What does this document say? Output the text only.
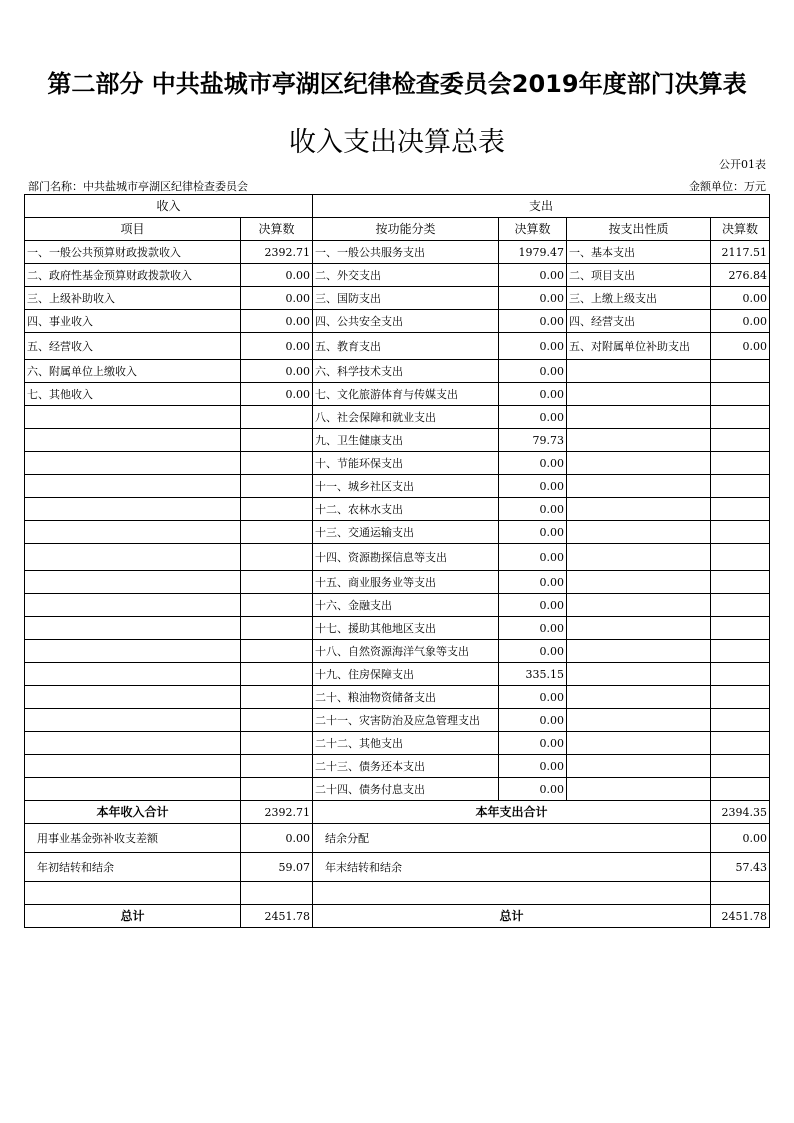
第二部分 中共盐城市亭湖区纪律检查委员会2019年度部门决算表
收入支出决算总表
公开01表
部门名称：中共盐城市亭湖区纪律检查委员会	金额单位：万元
收入		支出			
项目	决算数	按功能分类	决算数	按支出性质	决算数
一、一般公共预算财政拨款收入	2392.71	一、一般公共服务支出	1979.47	一、基本支出	2117.51
二、政府性基金预算财政拨款收入	0.00	二、外交支出	0.00	二、项目支出	276.84
三、上级补助收入	0.00	三、国防支出	0.00	三、上缴上级支出	0.00
四、事业收入	0.00	四、公共安全支出	0.00	四、经营支出	0.00
五、经营收入	0.00	五、教育支出	0.00	五、对附属单位补助支出	0.00
六、附属单位上缴收入	0.00	六、科学技术支出	0.00		
七、其他收入	0.00	七、文化旅游体育与传媒支出	0.00		
		八、社会保障和就业支出	0.00		
		九、卫生健康支出	79.73		
		十、节能环保支出	0.00		
		十一、城乡社区支出	0.00		
		十二、农林水支出	0.00		
		十三、交通运输支出	0.00		
		十四、资源勘探信息等支出	0.00		
		十五、商业服务业等支出	0.00		
		十六、金融支出	0.00		
		十七、援助其他地区支出	0.00		
		十八、自然资源海洋气象等支出	0.00		
		十九、住房保障支出	335.15		
		二十、粮油物资储备支出	0.00		
		二十一、灾害防治及应急管理支出	0.00		
		二十二、其他支出	0.00		
		二十三、债务还本支出	0.00		
		二十四、债务付息支出	0.00		
本年收入合计	2392.71	本年支出合计			2394.35
用事业基金弥补收支差额	0.00	结余分配			0.00
年初结转和结余	59.07	年末结转和结余			57.43

总计	2451.78	总计			2451.78
